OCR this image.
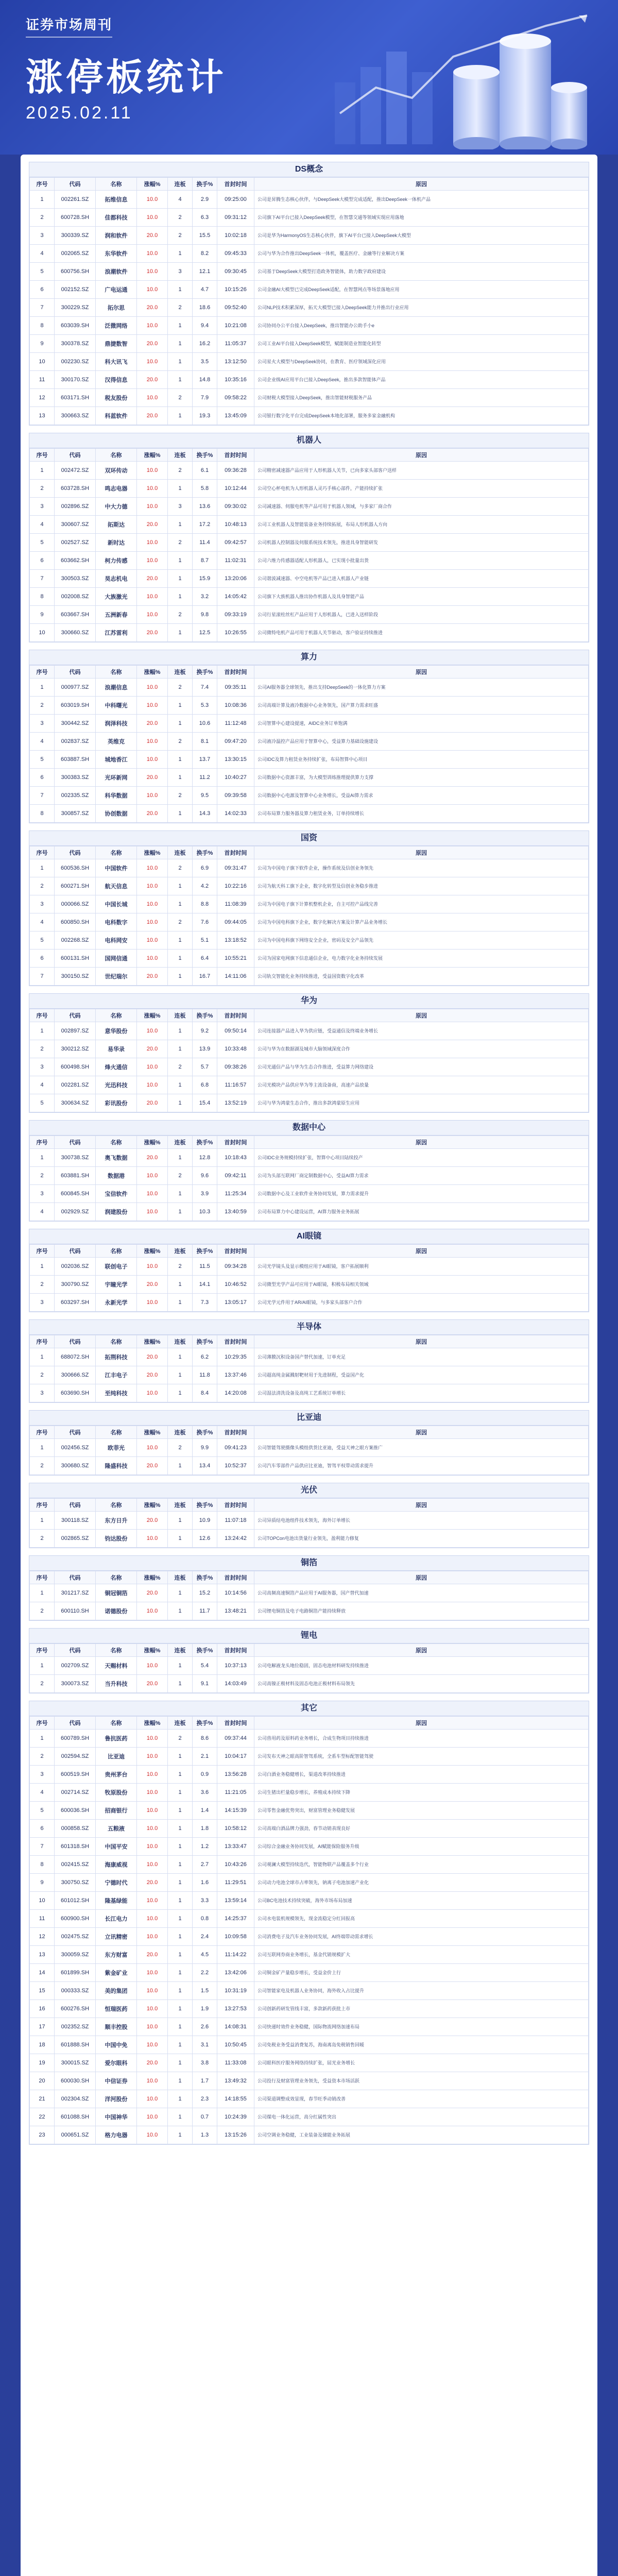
证券市场周刊
涨停板统计
2025.02.11
DS概念
序号	代码	名称	涨幅%	连板	换手%	首封时间	原因
1	002261.SZ	拓维信息	10.0	4	2.9	09:25:00	公司是昇腾生态核心伙伴，与DeepSeek大模型完成适配，推出DeepSeek一体机产品
2	600728.SH	佳都科技	10.0	2	6.3	09:31:12	公司旗下AI平台已接入DeepSeek模型，在智慧交通等领域实现应用落地
3	300339.SZ	润和软件	20.0	2	15.5	10:02:18	公司是华为HarmonyOS生态核心伙伴，旗下AI平台已接入DeepSeek大模型
4	002065.SZ	东华软件	10.0	1	8.2	09:45:33	公司与华为合作推出DeepSeek一体机，覆盖医疗、金融等行业解决方案
5	600756.SH	浪潮软件	10.0	3	12.1	09:30:45	公司基于DeepSeek大模型打造政务智能体，助力数字政府建设
6	002152.SZ	广电运通	10.0	1	4.7	10:15:26	公司金融AI大模型已完成DeepSeek适配，在智慧网点等场景落地应用
7	300229.SZ	拓尔思	20.0	2	18.6	09:52:40	公司NLP技术积累深厚，拓天大模型已接入DeepSeek能力并推出行业应用
8	603039.SH	泛微网络	10.0	1	9.4	10:21:08	公司协同办公平台接入DeepSeek，推出智能办公助手小e
9	300378.SZ	鼎捷数智	20.0	1	16.2	11:05:37	公司工业AI平台接入DeepSeek模型，赋能制造业智能化转型
10	002230.SZ	科大讯飞	10.0	1	3.5	13:12:50	公司星火大模型与DeepSeek协同，在教育、医疗领域深化应用
11	300170.SZ	汉得信息	20.0	1	14.8	10:35:16	公司企业级AI应用平台已接入DeepSeek，推出多款智能体产品
12	603171.SH	税友股份	10.0	2	7.9	09:58:22	公司财税大模型接入DeepSeek，推出智能财税服务产品
13	300663.SZ	科蓝软件	20.0	1	19.3	13:45:09	公司银行数字化平台完成DeepSeek本地化部署，服务多家金融机构
机器人
序号	代码	名称	涨幅%	连板	换手%	首封时间	原因
1	002472.SZ	双环传动	10.0	2	6.1	09:36:28	公司精密减速器产品应用于人形机器人关节，已向多家头部客户送样
2	603728.SH	鸣志电器	10.0	1	5.8	10:12:44	公司空心杯电机为人形机器人灵巧手核心部件，产能持续扩张
3	002896.SZ	中大力德	10.0	3	13.6	09:30:02	公司减速器、伺服电机等产品可用于机器人领域，与多家厂商合作
4	300607.SZ	拓斯达	20.0	1	17.2	10:48:13	公司工业机器人及智能装备业务持续拓展，布局人形机器人方向
5	002527.SZ	新时达	10.0	2	11.4	09:42:57	公司机器人控制器及伺服系统技术领先，推进具身智能研发
6	603662.SH	柯力传感	10.0	1	8.7	11:02:31	公司六维力传感器适配人形机器人，已实现小批量出货
7	300503.SZ	昊志机电	20.0	1	15.9	13:20:06	公司谐波减速器、中空电机等产品已进入机器人产业链
8	002008.SZ	大族激光	10.0	1	3.2	14:05:42	公司旗下大族机器人推出协作机器人及具身智能产品
9	603667.SH	五洲新春	10.0	2	9.8	09:33:19	公司行星滚柱丝杠产品应用于人形机器人，已进入送样阶段
10	300660.SZ	江苏雷利	20.0	1	12.5	10:26:55	公司微特电机产品可用于机器人关节驱动，客户验证持续推进
算力
序号	代码	名称	涨幅%	连板	换手%	首封时间	原因
1	000977.SZ	浪潮信息	10.0	2	7.4	09:35:11	公司AI服务器全球领先，推出支持DeepSeek的一体化算力方案
2	603019.SH	中科曙光	10.0	1	5.3	10:08:36	公司高端计算及液冷数据中心业务领先，国产算力需求旺盛
3	300442.SZ	润泽科技	20.0	1	10.6	11:12:48	公司智算中心建设提速，AIDC业务订单饱满
4	002837.SZ	英维克	10.0	2	8.1	09:47:20	公司液冷温控产品应用于智算中心，受益算力基础设施建设
5	603887.SH	城地香江	10.0	1	13.7	13:30:15	公司IDC及算力租赁业务持续扩张，布局智算中心项目
6	300383.SZ	光环新网	20.0	1	11.2	10:40:27	公司数据中心资源丰富，为大模型训练推理提供算力支撑
7	002335.SZ	科华数据	10.0	2	9.5	09:39:58	公司数据中心电源及智算中心业务增长，受益AI算力需求
8	300857.SZ	协创数据	20.0	1	14.3	14:02:33	公司布局算力服务器及算力租赁业务，订单持续增长
国资
序号	代码	名称	涨幅%	连板	换手%	首封时间	原因
1	600536.SH	中国软件	10.0	2	6.9	09:31:47	公司为中国电子旗下软件企业，操作系统及信创业务领先
2	600271.SH	航天信息	10.0	1	4.2	10:22:16	公司为航天科工旗下企业，数字化转型及信创业务稳步推进
3	000066.SZ	中国长城	10.0	1	8.8	11:08:39	公司为中国电子旗下计算机整机企业，自主可控产品线完善
4	600850.SH	电科数字	10.0	2	7.6	09:44:05	公司为中国电科旗下企业，数字化解决方案及计算产品业务增长
5	002268.SZ	电科网安	10.0	1	5.1	13:18:52	公司为中国电科旗下网络安全企业，密码及安全产品领先
6	600131.SH	国网信通	10.0	1	6.4	10:55:21	公司为国家电网旗下信息通信企业，电力数字化业务持续发展
7	300150.SZ	世纪瑞尔	20.0	1	16.7	14:11:06	公司轨交智能化业务持续推进，受益国资数字化改革
华为
序号	代码	名称	涨幅%	连板	换手%	首封时间	原因
1	002897.SZ	意华股份	10.0	1	9.2	09:50:14	公司连接器产品进入华为供应链，受益通信及终端业务增长
2	300212.SZ	易华录	20.0	1	13.9	10:33:48	公司与华为在数据湖及城市大脑领域深度合作
3	600498.SH	烽火通信	10.0	2	5.7	09:38:26	公司光通信产品与华为生态合作推进，受益算力网络建设
4	002281.SZ	光迅科技	10.0	1	6.8	11:16:57	公司光模块产品供应华为等主流设备商，高速产品放量
5	300634.SZ	彩讯股份	20.0	1	15.4	13:52:19	公司与华为鸿蒙生态合作，推出多款鸿蒙原生应用
数据中心
序号	代码	名称	涨幅%	连板	换手%	首封时间	原因
1	300738.SZ	奥飞数据	20.0	1	12.8	10:18:43	公司IDC业务规模持续扩张，智算中心项目陆续投产
2	603881.SH	数据港	10.0	2	9.6	09:42:11	公司为头部互联网厂商定制数据中心，受益AI算力需求
3	600845.SH	宝信软件	10.0	1	3.9	11:25:34	公司数据中心及工业软件业务协同发展，算力需求提升
4	002929.SZ	润建股份	10.0	1	10.3	13:40:59	公司布局算力中心建设运营，AI算力服务业务拓展
AI眼镜
序号	代码	名称	涨幅%	连板	换手%	首封时间	原因
1	002036.SZ	联创电子	10.0	2	11.5	09:34:28	公司光学镜头及显示模组应用于AI眼镜，客户拓展顺利
2	300790.SZ	宇瞳光学	20.0	1	14.1	10:46:52	公司微型光学产品可应用于AI眼镜，积极布局相关领域
3	603297.SH	永新光学	10.0	1	7.3	13:05:17	公司光学元件用于AR/AI眼镜，与多家头部客户合作
半导体
序号	代码	名称	涨幅%	连板	换手%	首封时间	原因
1	688072.SH	拓荆科技	20.0	1	6.2	10:29:35	公司薄膜沉积设备国产替代加速，订单充足
2	300666.SZ	江丰电子	20.0	1	11.8	13:37:46	公司超高纯金属溅射靶材用于先进制程，受益国产化
3	603690.SH	至纯科技	10.0	1	8.4	14:20:08	公司湿法清洗设备及高纯工艺系统订单增长
比亚迪
序号	代码	名称	涨幅%	连板	换手%	首封时间	原因
1	002456.SZ	欧菲光	10.0	2	9.9	09:41:23	公司智能驾驶摄像头模组供货比亚迪，受益天神之眼方案推广
2	300680.SZ	隆盛科技	20.0	1	13.4	10:52:37	公司汽车零部件产品供应比亚迪，智驾平权带动需求提升
光伏
序号	代码	名称	涨幅%	连板	换手%	首封时间	原因
1	300118.SZ	东方日升	20.0	1	10.9	11:07:18	公司异质结电池组件技术领先，海外订单增长
2	002865.SZ	钧达股份	10.0	1	12.6	13:24:42	公司TOPCon电池出货量行业领先，盈利能力修复
铜箔
序号	代码	名称	涨幅%	连板	换手%	首封时间	原因
1	301217.SZ	铜冠铜箔	20.0	1	15.2	10:14:56	公司高频高速铜箔产品应用于AI服务器，国产替代加速
2	600110.SH	诺德股份	10.0	1	11.7	13:48:21	公司锂电铜箔及电子电路铜箔产能持续释放
锂电
序号	代码	名称	涨幅%	连板	换手%	首封时间	原因
1	002709.SZ	天赐材料	10.0	1	5.4	10:37:13	公司电解液龙头地位稳固，固态电池材料研发持续推进
2	300073.SZ	当升科技	20.0	1	9.1	14:03:49	公司高镍正极材料及固态电池正极材料布局领先
其它
序号	代码	名称	涨幅%	连板	换手%	首封时间	原因
1	600789.SH	鲁抗医药	10.0	2	8.6	09:37:44	公司兽用药及原料药业务增长，合成生物项目持续推进
2	002594.SZ	比亚迪	10.0	1	2.1	10:04:17	公司发布天神之眼高阶智驾系统，全系车型标配智能驾驶
3	600519.SH	贵州茅台	10.0	1	0.9	13:56:28	公司白酒业务稳健增长，渠道改革持续推进
4	002714.SZ	牧原股份	10.0	1	3.6	11:21:05	公司生猪出栏量稳步增长，养殖成本持续下降
5	600036.SH	招商银行	10.0	1	1.4	14:15:39	公司零售金融优势突出，财富管理业务稳健发展
6	000858.SZ	五粮液	10.0	1	1.8	10:58:12	公司高端白酒品牌力强劲，春节动销表现良好
7	601318.SH	中国平安	10.0	1	1.2	13:33:47	公司综合金融业务协同发展，AI赋能保险服务升级
8	002415.SZ	海康威视	10.0	1	2.7	10:43:26	公司观澜大模型持续迭代，智能物联产品覆盖多个行业
9	300750.SZ	宁德时代	20.0	1	1.6	11:29:51	公司动力电池全球市占率领先，钠离子电池加速产业化
10	601012.SH	隆基绿能	10.0	1	3.3	13:59:14	公司BC电池技术持续突破，海外市场布局加速
11	600900.SH	长江电力	10.0	1	0.8	14:25:37	公司水电装机规模领先，现金流稳定分红回报高
12	002475.SZ	立讯精密	10.0	1	2.4	10:09:58	公司消费电子及汽车业务协同发展，AI终端带动需求增长
13	300059.SZ	东方财富	20.0	1	4.5	11:14:22	公司互联网券商业务增长，基金代销规模扩大
14	601899.SH	紫金矿业	10.0	1	2.2	13:42:06	公司铜金矿产量稳步增长，受益金价上行
15	000333.SZ	美的集团	10.0	1	1.5	10:31:19	公司智能家电及机器人业务协同，海外收入占比提升
16	600276.SH	恒瑞医药	10.0	1	1.9	13:27:53	公司创新药研发管线丰富，多款新药获批上市
17	002352.SZ	顺丰控股	10.0	1	2.6	14:08:31	公司快递时效件业务稳健，国际物流网络加速布局
18	601888.SH	中国中免	10.0	1	3.1	10:50:45	公司免税业务受益消费复苏，海南离岛免税销售回暖
19	300015.SZ	爱尔眼科	20.0	1	3.8	11:33:08	公司眼科医疗服务网络持续扩张，屈光业务增长
20	600030.SH	中信证券	10.0	1	1.7	13:49:32	公司投行及财富管理业务领先，受益资本市场活跃
21	002304.SZ	洋河股份	10.0	1	2.3	14:18:55	公司渠道调整成效显现，春节旺季动销改善
22	601088.SH	中国神华	10.0	1	0.7	10:24:39	公司煤电一体化运营，高分红属性突出
23	000651.SZ	格力电器	10.0	1	1.3	13:15:26	公司空调业务稳健，工业装备及储能业务拓展
